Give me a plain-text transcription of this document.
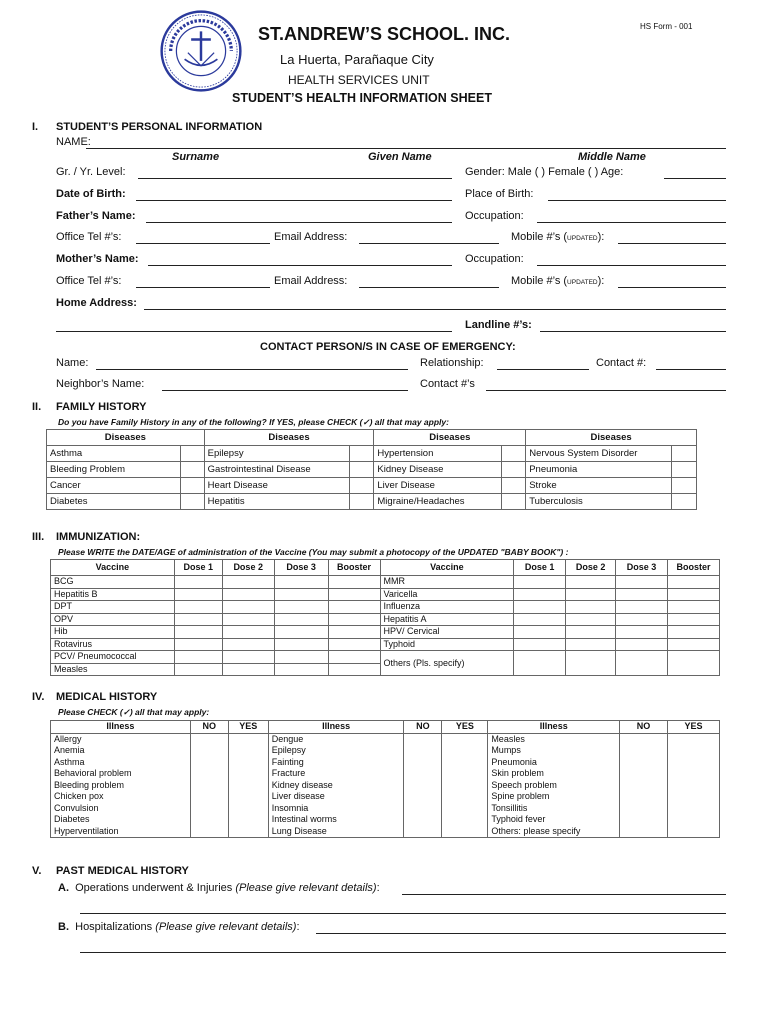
HS Form - 001
ST.ANDREW’S SCHOOL. INC.
La Huerta, Parañaque City
HEALTH SERVICES UNIT
STUDENT’S HEALTH INFORMATION SHEET
I. STUDENT’S PERSONAL INFORMATION
NAME:
Surname	Given Name	Middle Name
Gr. / Yr. Level:	Gender: Male ( ) Female ( ) Age:
Date of Birth:	Place of Birth:
Father’s Name:	Occupation:
Office Tel #’s:	Email Address:	Mobile #’s (UPDATED):
Mother’s Name:	Occupation:
Office Tel #’s:	Email Address:	Mobile #’s (UPDATED):
Home Address:
Landline #’s:
CONTACT PERSON/S IN CASE OF EMERGENCY:
Name:	Relationship:	Contact #:
Neighbor’s Name:	Contact #’s
II. FAMILY HISTORY
Do you have Family History in any of the following? If YES, please CHECK (✓) all that may apply:
Diseases		Diseases		Diseases		Diseases	
Asthma		Epilepsy		Hypertension		Nervous System Disorder	
Bleeding Problem		Gastrointestinal Disease		Kidney Disease		Pneumonia	
Cancer		Heart Disease		Liver Disease		Stroke	
Diabetes		Hepatitis		Migraine/Headaches		Tuberculosis	
III. IMMUNIZATION:
Please WRITE the DATE/AGE of administration of the Vaccine (You may submit a photocopy of the UPDATED "BABY BOOK") :
Vaccine	Dose 1	Dose 2	Dose 3	Booster	Vaccine	Dose 1	Dose 2	Dose 3	Booster
BCG					MMR				
Hepatitis B					Varicella				
DPT					Influenza				
OPV					Hepatitis A				
Hib					HPV/ Cervical				
Rotavirus					Typhoid				
PCV/ Pneumococcal					Others (Pls. specify)				
Measles									
IV. MEDICAL HISTORY
Please CHECK (✓) all that may apply:
Illness	NO	YES	Illness	NO	YES	Illness	NO	YES
Allergy			Dengue			Measles		
Anemia			Epilepsy			Mumps		
Asthma			Fainting			Pneumonia		
Behavioral problem			Fracture			Skin problem		
Bleeding problem			Kidney disease			Speech problem		
Chicken pox			Liver disease			Spine problem		
Convulsion			Insomnia			Tonsillitis		
Diabetes			Intestinal worms			Typhoid fever		
Hyperventilation			Lung Disease			Others: please specify		
V. PAST MEDICAL HISTORY
A. Operations underwent & Injuries (Please give relevant details):
B. Hospitalizations (Please give relevant details):
